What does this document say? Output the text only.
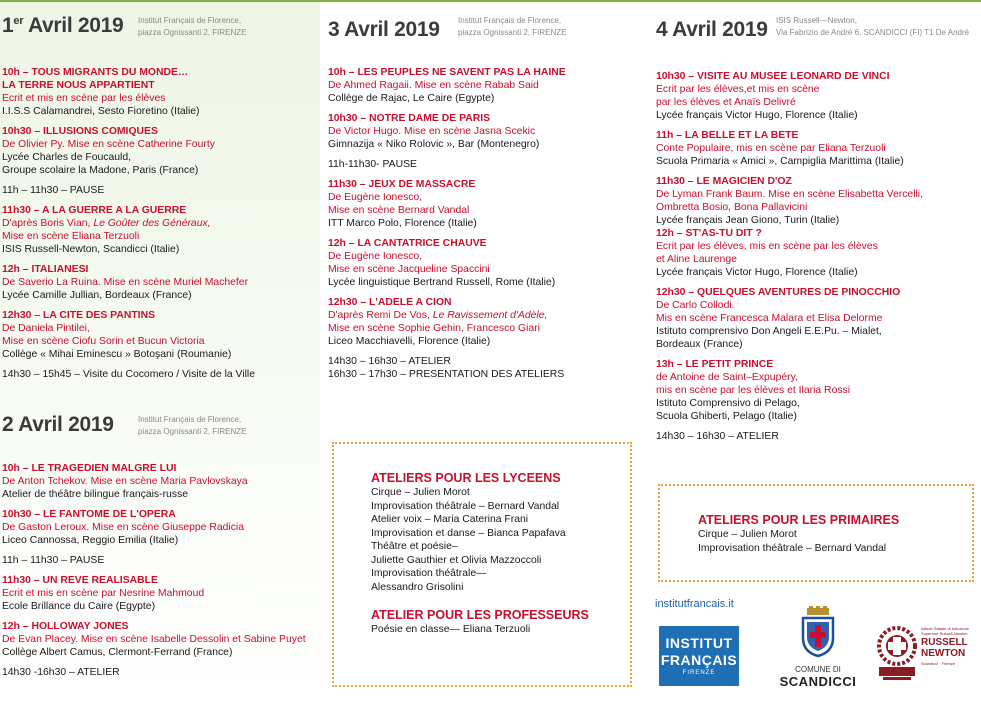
1er Avril 2019 Institut Français de Florence,
piazza Ognissanti 2, FIRENZE
10h – TOUS MIGRANTS DU MONDE…
LA TERRE NOUS APPARTIENT
Ecrit et mis en scène par les élèves
I.I.S.S Calamandrei, Sesto Fioretino (Italie)
10h30 – ILLUSIONS COMIQUES
De Olivier Py. Mise en scène Catherine Fourty
Lycée Charles de Foucauld,
Groupe scolaire la Madone, Paris (France)
11h – 11h30 – PAUSE
11h30 – A LA GUERRE A LA GUERRE
D'après Boris Vian, Le Goûter des Généraux,
Mise en scène Eliana Terzuoli
ISIS Russell-Newton, Scandicci (Italie)
12h – ITALIANESI
De Saverio La Ruina. Mise en scène Muriel Machefer
Lycée Camille Jullian, Bordeaux (France)
12h30 – LA CITE DES PANTINS
De Daniela Pintilei,
Mise en scène Ciofu Sorin et Bucun Victoria
Collège « Mihai Eminescu » Botoşani (Roumanie)
14h30 – 15h45 – Visite du Cocomero / Visite de la Ville
2 Avril 2019	Institut Français de Florence,
piazza Ognissanti 2, FIRENZE
10h – LE TRAGEDIEN MALGRE LUI
De Anton Tchekov. Mise en scène Maria Pavlovskaya
Atelier de théâtre bilingue français-russe
10h30 – LE FANTOME DE L'OPERA
De Gaston Leroux. Mise en scène Giuseppe Radicia
Liceo Cannossa, Reggio Emilia (Italie)
11h – 11h30 – PAUSE
11h30 – UN REVE REALISABLE
Ecrit et mis en scène par Nesrine Mahmoud
Ecole Brillance du Caire (Egypte)
12h – HOLLOWAY JONES
De Evan Placey. Mise en scène Isabelle Dessolin et Sabine Puyet
Collège Albert Camus, Clermont-Ferrand (France)
14h30 -16h30 – ATELIER
3 Avril 2019 Institut Français de Florence,
piazza Ognissanti 2, FIRENZE
10h – LES PEUPLES NE SAVENT PAS LA HAINE
De Ahmed Ragaii. Mise en scène Rabab Said
Collège de Rajac, Le Caire (Egypte)
10h30 – NOTRE DAME DE PARIS
De Victor Hugo. Mise en scène Jasna Scekic
Gimnazija « Niko Rolovic », Bar (Montenegro)
11h-11h30- PAUSE
11h30 – JEUX DE MASSACRE
De Eugène Ionesco,
Mise en scène Bernard Vandal
ITT Marco Polo, Florence (Italie)
12h – LA CANTATRICE CHAUVE
De Eugène Ionesco,
Mise en scène Jacqueline Spaccini
Lycée linguistique Bertrand Russell, Rome (Italie)
12h30 – L'ADELE A CION
D'après Remi De Vos, Le Ravissement d'Adèle,
Mise en scène Sophie Gehin, Francesco Giari
Liceo Macchiavelli, Florence (Italie)
14h30 – 16h30 – ATELIER
16h30 – 17h30 – PRESENTATION DES ATELIERS
4 Avril 2019 ISIS Russell—Newton,
Via Fabrizio de André 6, SCANDICCI (FI) T1 De André
10h30 – VISITE AU MUSEE LEONARD DE VINCI
Ecrit par les élèves,et mis en scène
par les élèves et Anaïs Delivré
Lycée français Victor Hugo, Florence (Italie)
11h – LA BELLE ET LA BETE
Conte Populaire, mis en scène par Eliana Terzuoli
Scuola Primaria « Amici », Campiglia Marittima (Italie)
11h30 – LE MAGICIEN D'OZ
De Lyman Frank Baum. Mise en scène Elisabetta Vercelli,
Ombretta Bosio, Bona Pallavicini
Lycée français Jean Giono, Turin (Italie)
12h – ST'AS-TU DIT ?
Ecrit par les élèves, mis en scène par les élèves
et Aline Laurenge
Lycée français Victor Hugo, Florence (Italie)
12h30 – QUELQUES AVENTURES DE PINOCCHIO
De Carlo Collodi.
Mis en scène Francesca Malara et Elisa Delorme
Istituto comprensivo Don Angeli E.E.Pu. – Mialet,
Bordeaux (France)
13h – LE PETIT PRINCE
de Antoine de Saint–Expupéry,
mis en scène par les élèves et Ilaria Rossi
Istituto Comprensivo di Pelago,
Scuola Ghiberti, Pelago (Italie)
14h30 – 16h30 – ATELIER
ATELIERS POUR LES LYCEENS
Cirque – Julien Morot
Improvisation théâtrale – Bernard Vandal
Atelier voix – Maria Caterina Frani
Improvisation et danse – Bianca Papafava
Théâtre et poésie–
Juliette Gauthier et Olivia Mazzoccoli
Improvisation théâtrale—
Alessandro Grisolini
ATELIER POUR LES PROFESSEURS
Poésie en classe— Eliana Terzuoli
ATELIERS POUR LES PRIMAIRES
Cirque – Julien Morot
Improvisation théâtrale – Bernard Vandal
institutfrancais.it
INSTITUT
FRANÇAIS
FIRENZE	COMUNE DI
SCANDICCI
Istituto Statale di Istruzione
Superiore Russell-Newton
RUSSELL
NEWTON
Scandicci · Firenze
